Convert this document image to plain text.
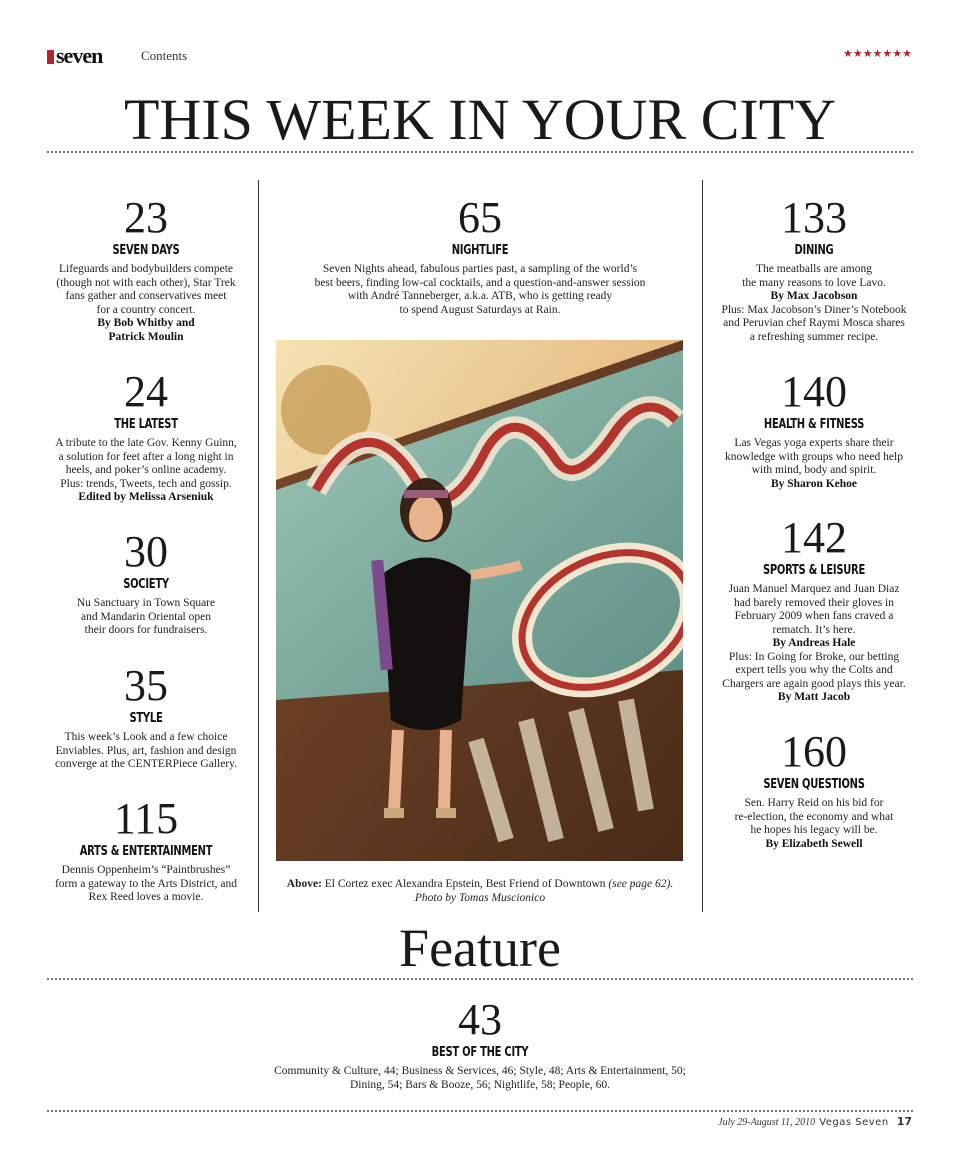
seven	Contents	★★★★★★★
THIS WEEK IN YOUR CITY
23
SEVEN DAYS
Lifeguards and bodybuilders compete
(though not with each other), Star Trek
fans gather and conservatives meet
for a country concert.
By Bob Whitby and
Patrick Moulin
24
THE LATEST
A tribute to the late Gov. Kenny Guinn,
a solution for feet after a long night in
heels, and poker’s online academy.
Plus: trends, Tweets, tech and gossip.
Edited by Melissa Arseniuk
30
SOCIETY
Nu Sanctuary in Town Square
and Mandarin Oriental open
their doors for fundraisers.
35
STYLE
This week’s Look and a few choice
Enviables. Plus, art, fashion and design
converge at the CENTERPiece Gallery.
115
ARTS & ENTERTAINMENT
Dennis Oppenheim’s “Paintbrushes”
form a gateway to the Arts District, and
Rex Reed loves a movie.
65
NIGHTLIFE
Seven Nights ahead, fabulous parties past, a sampling of the world’s
best beers, finding low-cal cocktails, and a question-and-answer session
with André Tanneberger, a.k.a. ATB, who is getting ready
to spend August Saturdays at Rain.
Above: El Cortez exec Alexandra Epstein, Best Friend of Downtown (see page 62).
Photo by Tomas Muscionico
133
DINING
The meatballs are among
the many reasons to love Lavo.
By Max Jacobson
Plus: Max Jacobson’s Diner’s Notebook
and Peruvian chef Raymi Mosca shares
a refreshing summer recipe.
140
HEALTH & FITNESS
Las Vegas yoga experts share their
knowledge with groups who need help
with mind, body and spirit.
By Sharon Kehoe
142
SPORTS & LEISURE
Juan Manuel Marquez and Juan Diaz
had barely removed their gloves in
February 2009 when fans craved a
rematch. It’s here.
By Andreas Hale
Plus: In Going for Broke, our betting
expert tells you why the Colts and
Chargers are again good plays this year.
By Matt Jacob
160
SEVEN QUESTIONS
Sen. Harry Reid on his bid for
re-election, the economy and what
he hopes his legacy will be.
By Elizabeth Sewell
Feature
43
BEST OF THE CITY
Community & Culture, 44; Business & Services, 46; Style, 48; Arts & Entertainment, 50;
Dining, 54; Bars & Booze, 56; Nightlife, 58; People, 60.
July 29-August 11, 2010 Vegas Seven 17
